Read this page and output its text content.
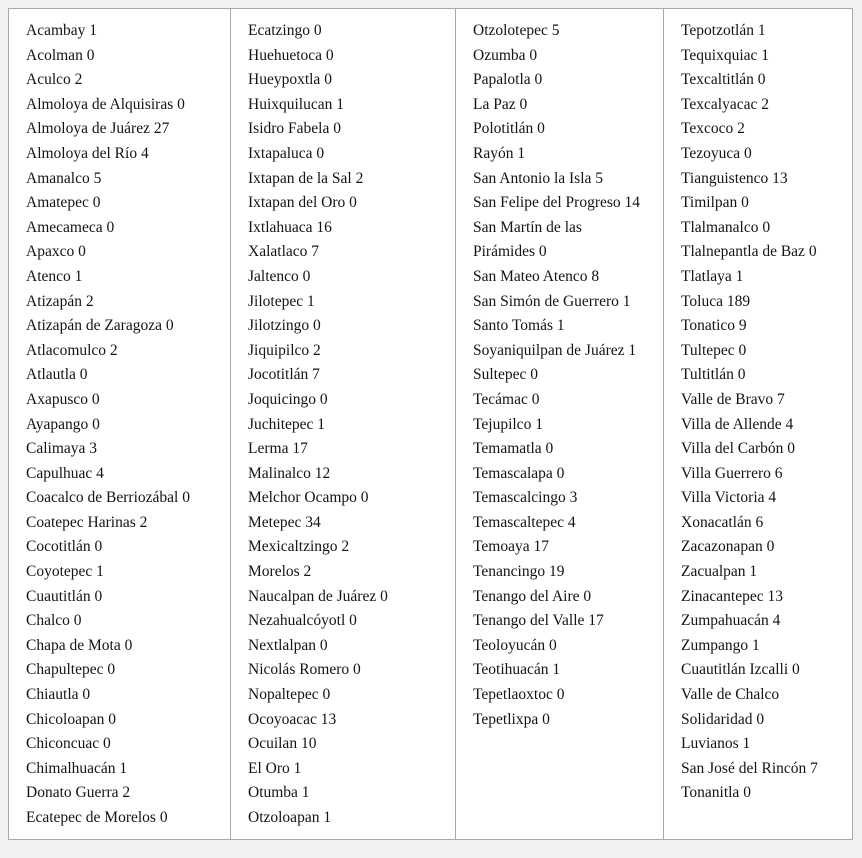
Acambay 1
Acolman 0
Aculco 2
Almoloya de Alquisiras 0
Almoloya de Juárez 27
Almoloya del Río 4
Amanalco 5
Amatepec 0
Amecameca 0
Apaxco 0
Atenco 1
Atizapán 2
Atizapán de Zaragoza 0
Atlacomulco 2
Atlautla 0
Axapusco 0
Ayapango 0
Calimaya 3
Capulhuac 4
Coacalco de Berriozábal 0
Coatepec Harinas 2
Cocotitlán 0
Coyotepec 1
Cuautitlán 0
Chalco 0
Chapa de Mota 0
Chapultepec 0
Chiautla 0
Chicoloapan 0
Chiconcuac 0
Chimalhuacán 1
Donato Guerra 2
Ecatepec de Morelos 0
Ecatzingo 0
Huehuetoca 0
Hueypoxtla 0
Huixquilucan 1
Isidro Fabela 0
Ixtapaluca 0
Ixtapan de la Sal 2
Ixtapan del Oro 0
Ixtlahuaca 16
Xalatlaco 7
Jaltenco 0
Jilotepec 1
Jilotzingo 0
Jiquipilco 2
Jocotitlán 7
Joquicingo 0
Juchitepec 1
Lerma 17
Malinalco 12
Melchor Ocampo 0
Metepec 34
Mexicaltzingo 2
Morelos 2
Naucalpan de Juárez 0
Nezahualcóyotl 0
Nextlalpan 0
Nicolás Romero 0
Nopaltepec 0
Ocoyoacac 13
Ocuilan 10
El Oro 1
Otumba 1
Otzoloapan 1
Otzolotepec 5
Ozumba 0
Papalotla 0
La Paz 0
Polotitlán 0
Rayón 1
San Antonio la Isla 5
San Felipe del Progreso 14
San Martín de las
Pirámides 0
San Mateo Atenco 8
San Simón de Guerrero 1
Santo Tomás 1
Soyaniquilpan de Juárez 1
Sultepec 0
Tecámac 0
Tejupilco 1
Temamatla 0
Temascalapa 0
Temascalcingo 3
Temascaltepec 4
Temoaya 17
Tenancingo 19
Tenango del Aire 0
Tenango del Valle 17
Teoloyucán 0
Teotihuacán 1
Tepetlaoxtoc 0
Tepetlixpa 0
Tepotzotlán 1
Tequixquiac 1
Texcaltitlán 0
Texcalyacac 2
Texcoco 2
Tezoyuca 0
Tianguistenco 13
Timilpan 0
Tlalmanalco 0
Tlalnepantla de Baz 0
Tlatlaya 1
Toluca 189
Tonatico 9
Tultepec 0
Tultitlán 0
Valle de Bravo 7
Villa de Allende 4
Villa del Carbón 0
Villa Guerrero 6
Villa Victoria 4
Xonacatlán 6
Zacazonapan 0
Zacualpan 1
Zinacantepec 13
Zumpahuacán 4
Zumpango 1
Cuautitlán Izcalli 0
Valle de Chalco
Solidaridad 0
Luvianos 1
San José del Rincón 7
Tonanitla 0
